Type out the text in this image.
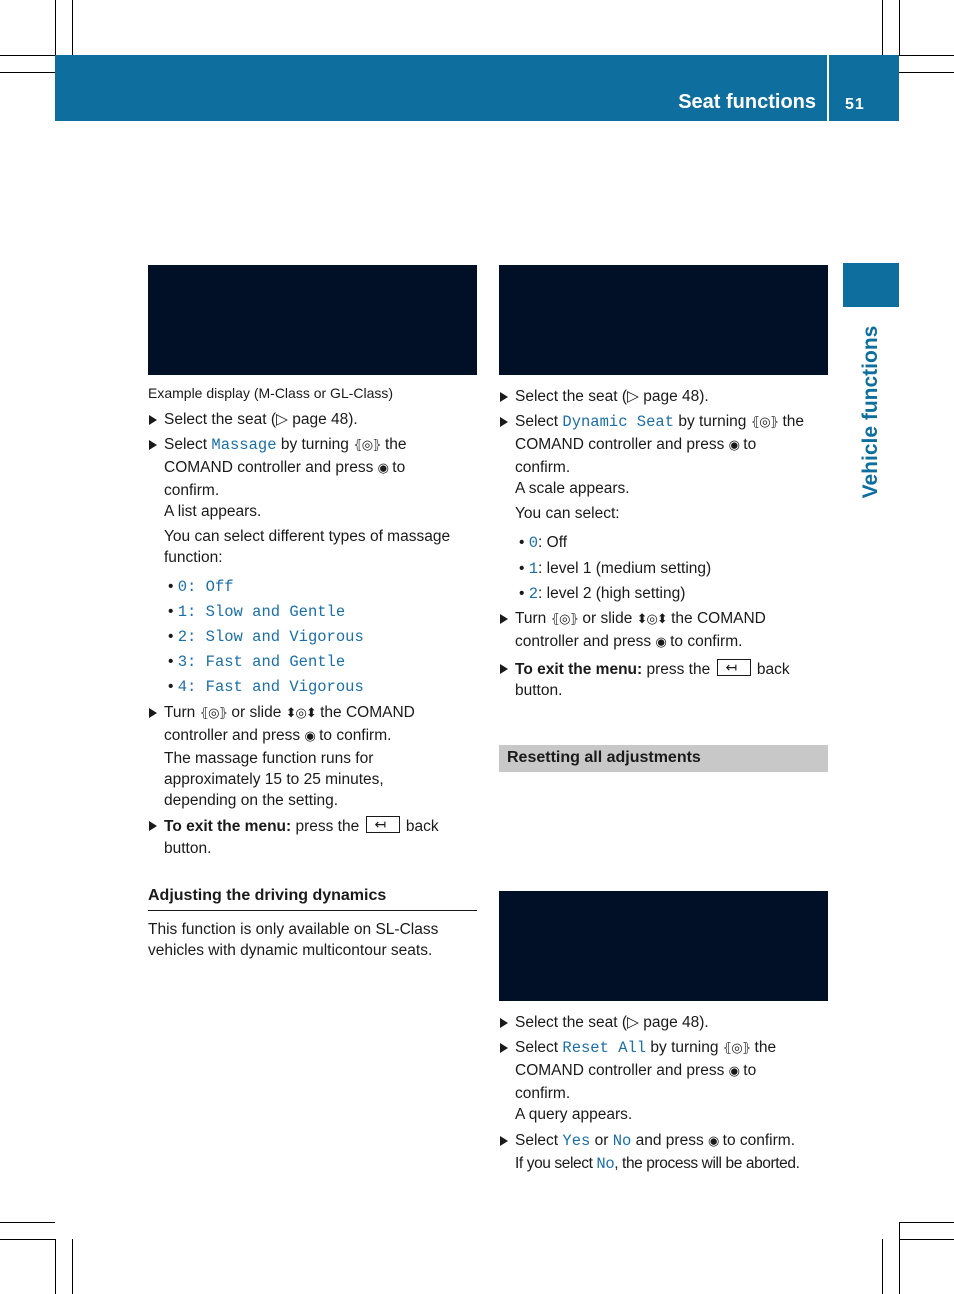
Seat functions 51
Vehicle functions
Example display (M-Class or GL-Class)
Select the seat (▷ page 48).
Select Massage by turning ⦃◎⦄ the
COMAND controller and press ◉ to
confirm.
A list appears.
You can select different types of massage
function:
• 0: Off
• 1: Slow and Gentle
• 2: Slow and Vigorous
• 3: Fast and Gentle
• 4: Fast and Vigorous
Turn ⦃◎⦄ or slide ⬍◎⬍ the COMAND
controller and press ◉ to confirm.
The massage function runs for
approximately 15 to 25 minutes,
depending on the setting.
To exit the menu: press the ↤ back
button.
Adjusting the driving dynamics
This function is only available on SL-Class
vehicles with dynamic multicontour seats.
Select the seat (▷ page 48).
Select Dynamic Seat by turning ⦃◎⦄ the
COMAND controller and press ◉ to
confirm.
A scale appears.
You can select:
• 0: Off
• 1: level 1 (medium setting)
• 2: level 2 (high setting)
Turn ⦃◎⦄ or slide ⬍◎⬍ the COMAND
controller and press ◉ to confirm.
To exit the menu: press the ↤ back
button.
Resetting all adjustments
Select the seat (▷ page 48).
Select Reset All by turning ⦃◎⦄ the
COMAND controller and press ◉ to
confirm.
A query appears.
Select Yes or No and press ◉ to confirm.
If you select No, the process will be aborted.
